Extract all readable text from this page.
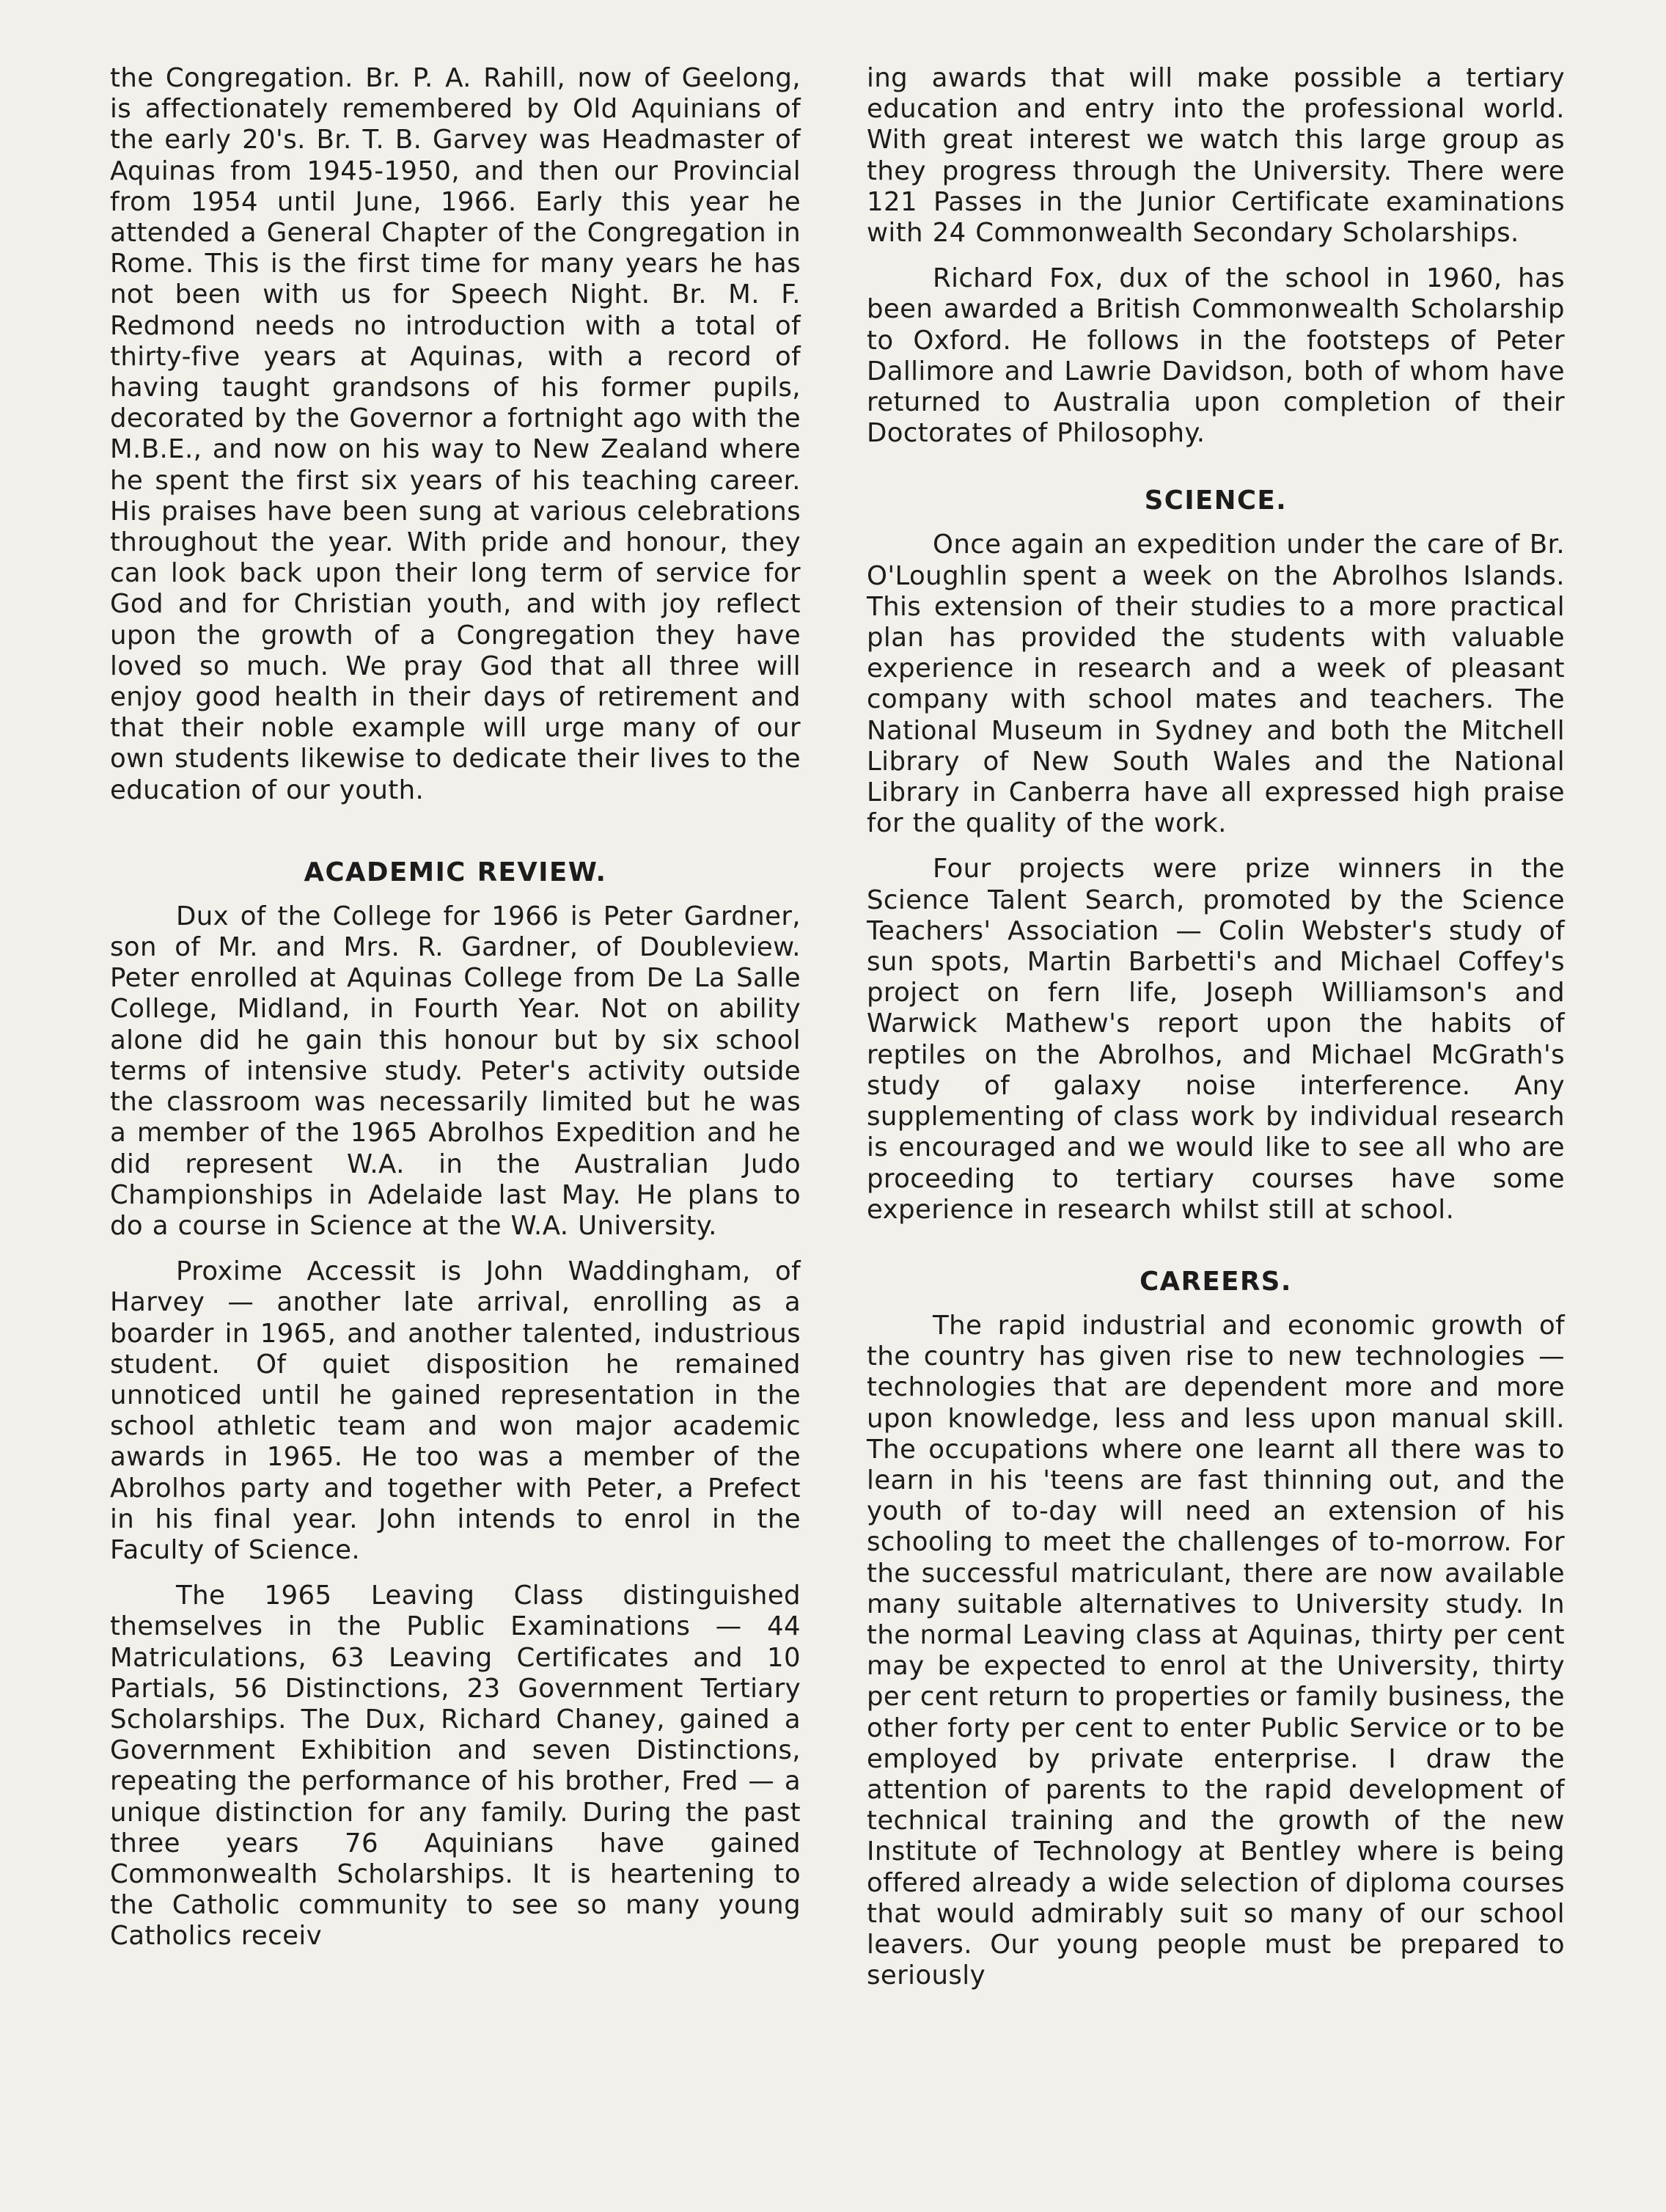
the Congregation. Br. P. A. Rahill, now of Geelong, is affectionately remembered by Old Aquinians of the early 20's. Br. T. B. Garvey was Headmaster of Aquinas from 1945-1950, and then our Provincial from 1954 until June, 1966. Early this year he attended a General Chapter of the Congregation in Rome. This is the first time for many years he has not been with us for Speech Night. Br. M. F. Redmond needs no introduction with a total of thirty-five years at Aquinas, with a record of having taught grandsons of his former pupils, decorated by the Governor a fortnight ago with the M.B.E., and now on his way to New Zealand where he spent the first six years of his teaching career. His praises have been sung at various celebrations throughout the year. With pride and honour, they can look back upon their long term of service for God and for Christian youth, and with joy reflect upon the growth of a Congregation they have loved so much. We pray God that all three will enjoy good health in their days of retirement and that their noble example will urge many of our own students likewise to dedicate their lives to the education of our youth.

ACADEMIC REVIEW.

Dux of the College for 1966 is Peter Gardner, son of Mr. and Mrs. R. Gardner, of Doubleview. Peter enrolled at Aquinas College from De La Salle College, Midland, in Fourth Year. Not on ability alone did he gain this honour but by six school terms of intensive study. Peter's activity outside the classroom was necessarily limited but he was a member of the 1965 Abrolhos Expedition and he did represent W.A. in the Australian Judo Championships in Adelaide last May. He plans to do a course in Science at the W.A. University.

Proxime Accessit is John Waddingham, of Harvey — another late arrival, enrolling as a boarder in 1965, and another talented, industrious student. Of quiet disposition he remained unnoticed until he gained representation in the school athletic team and won major academic awards in 1965. He too was a member of the Abrolhos party and together with Peter, a Prefect in his final year. John intends to enrol in the Faculty of Science.

The 1965 Leaving Class distinguished themselves in the Public Examinations — 44 Matriculations, 63 Leaving Certificates and 10 Partials, 56 Distinctions, 23 Government Tertiary Scholarships. The Dux, Richard Chaney, gained a Government Exhibition and seven Distinctions, repeating the performance of his brother, Fred — a unique distinction for any family. During the past three years 76 Aquinians have gained Commonwealth Scholarships. It is heartening to the Catholic community to see so many young Catholics receiv

ing awards that will make possible a tertiary education and entry into the professional world. With great interest we watch this large group as they progress through the University. There were 121 Passes in the Junior Certificate examinations with 24 Commonwealth Secondary Scholarships.

Richard Fox, dux of the school in 1960, has been awarded a British Commonwealth Scholarship to Oxford. He follows in the footsteps of Peter Dallimore and Lawrie Davidson, both of whom have returned to Australia upon completion of their Doctorates of Philosophy.

SCIENCE.

Once again an expedition under the care of Br. O'Loughlin spent a week on the Abrolhos Islands. This extension of their studies to a more practical plan has provided the students with valuable experience in research and a week of pleasant company with school mates and teachers. The National Museum in Sydney and both the Mitchell Library of New South Wales and the National Library in Canberra have all expressed high praise for the quality of the work.

Four projects were prize winners in the Science Talent Search, promoted by the Science Teachers' Association — Colin Webster's study of sun spots, Martin Barbetti's and Michael Coffey's project on fern life, Joseph Williamson's and Warwick Mathew's report upon the habits of reptiles on the Abrolhos, and Michael McGrath's study of galaxy noise interference. Any supplementing of class work by individual research is encouraged and we would like to see all who are proceeding to tertiary courses have some experience in research whilst still at school.

CAREERS.

The rapid industrial and economic growth of the country has given rise to new technologies — technologies that are dependent more and more upon knowledge, less and less upon manual skill. The occupations where one learnt all there was to learn in his 'teens are fast thinning out, and the youth of to-day will need an extension of his schooling to meet the challenges of to-morrow. For the successful matriculant, there are now available many suitable alternatives to University study. In the normal Leaving class at Aquinas, thirty per cent may be expected to enrol at the University, thirty per cent return to properties or family business, the other forty per cent to enter Public Service or to be employed by private enterprise. I draw the attention of parents to the rapid development of technical training and the growth of the new Institute of Technology at Bentley where is being offered already a wide selection of diploma courses that would admirably suit so many of our school leavers. Our young people must be prepared to seriously
